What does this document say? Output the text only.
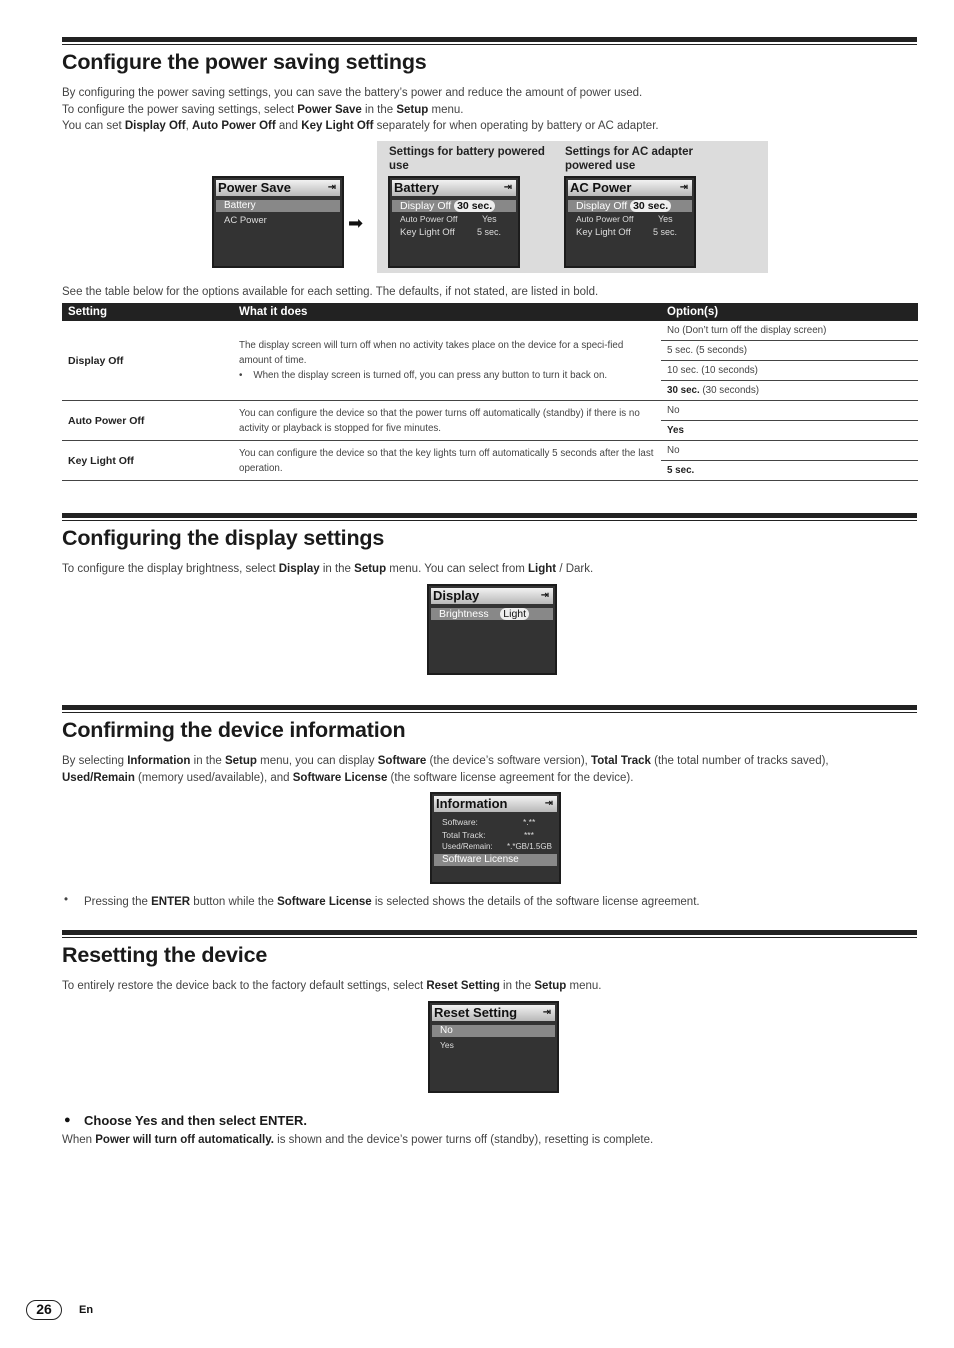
Configure the power saving settings
By configuring the power saving settings, you can save the battery’s power and reduce the amount of power used.
To configure the power saving settings, select Power Save in the Setup menu.
You can set Display Off, Auto Power Off and Key Light Off separately for when operating by battery or AC adapter.
Settings for battery powered use
Settings for AC adapter powered use
Power Save	⇥
Battery
AC Power	➡
Battery	⇥
Display Off 30 sec.
Auto Power Off	Yes
Key Light Off 5 sec.
AC Power	⇥
Display Off 30 sec.
Auto Power Off	Yes
Key Light Off 5 sec.
See the table below for the options available for each setting. The defaults, if not stated, are listed in bold.
Setting	What it does	Option(s)
Display Off	The display screen will turn off when no activity takes place on the device for a speci-fied amount of time.
•    When the display screen is turned off, you can press any button to turn it back on.	No (Don’t turn off the display screen)
		5 sec. (5 seconds)
		10 sec. (10 seconds)
		30 sec. (30 seconds)
Auto Power Off	You can configure the device so that the power turns off automatically (standby) if there is no activity or playback is stopped for five minutes.	No
		Yes
Key Light Off	You can configure the device so that the key lights turn off automatically 5 seconds after the last operation.	No
		5 sec.
Configuring the display settings
To configure the display brightness, select Display in the Setup menu. You can select from Light / Dark.
Display	⇥
Brightness Light
Confirming the device information
By selecting Information in the Setup menu, you can display Software (the device’s software version), Total Track (the total number of tracks saved),
Used/Remain (memory used/available), and Software License (the software license agreement for the device).
Information	⇥
Software:	*.**
Total Track:	***
Used/Remain: *.*GB/1.5GB
Software License
• Pressing the ENTER button while the Software License is selected shows the details of the software license agreement.
Resetting the device
To entirely restore the device back to the factory default settings, select Reset Setting in the Setup menu.
Reset Setting	⇥
No
Yes
● Choose Yes and then select ENTER.
When Power will turn off automatically. is shown and the device’s power turns off (standby), resetting is complete.
26	En
